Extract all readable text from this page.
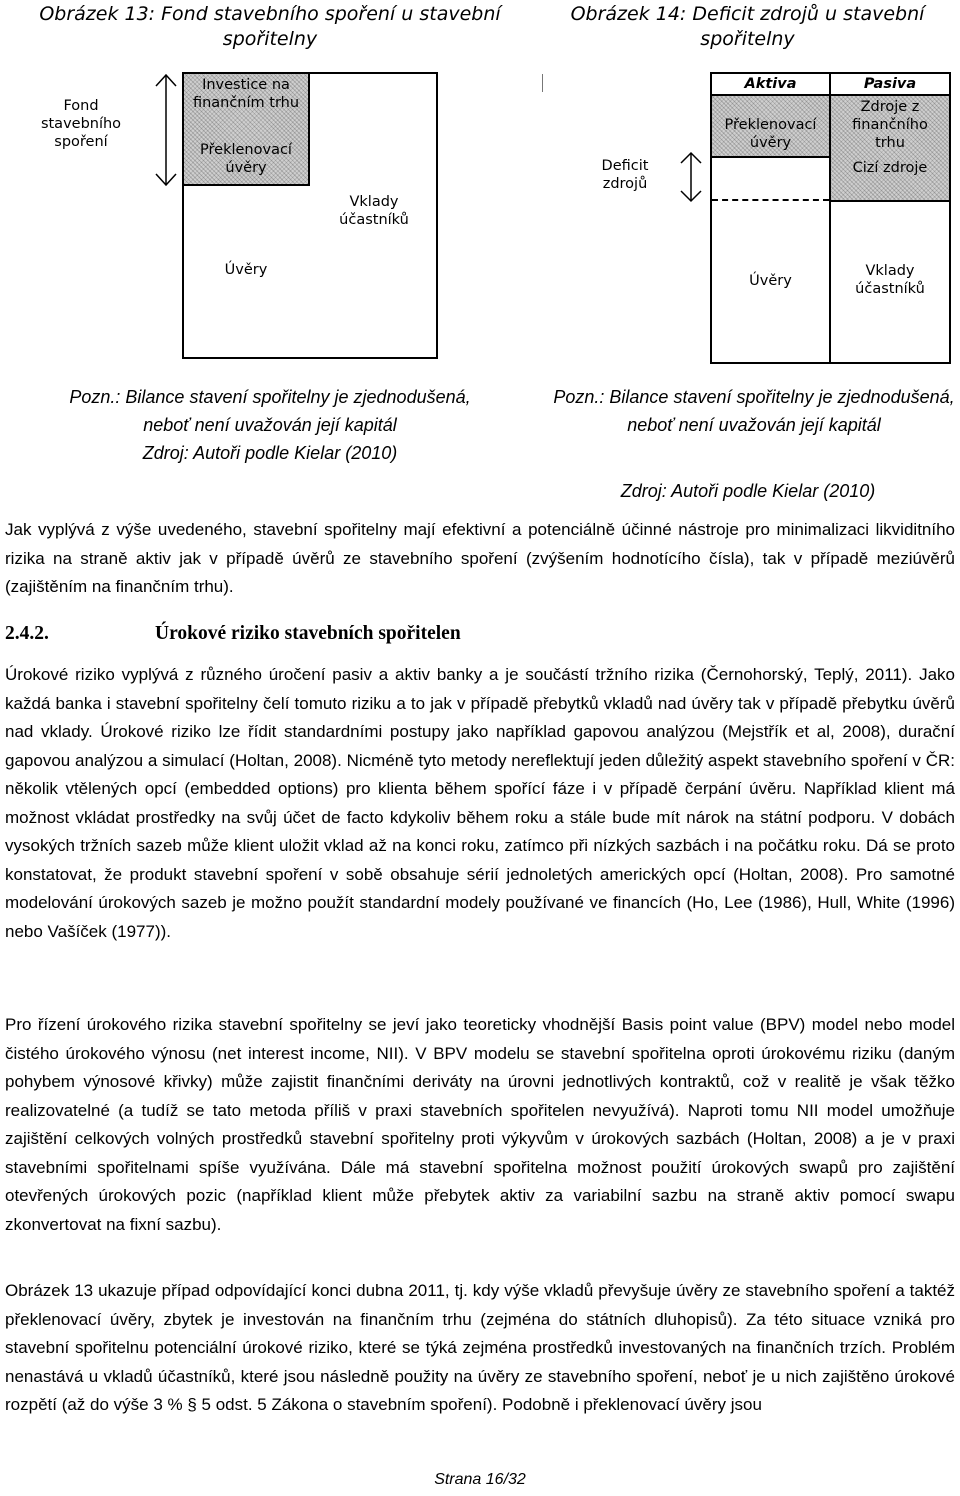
Obrázek 13: Fond stavebního spoření u stavební spořitelny
Fond stavebního spoření
Investice na finančním trhu
Překlenovací úvěry
Vklady účastníků
Úvěry
Pozn.: Bilance stavení spořitelny je zjednodušená,
neboť není uvažován její kapitál
Zdroj: Autoři podle Kielar (2010)
Obrázek 14: Deficit zdrojů u stavební spořitelny
Deficit zdrojů
Aktiva	Pasiva
Překlenovací úvěry
Zdroje z finančního trhu
Cizí zdroje
Úvěry
Vklady účastníků
Pozn.: Bilance stavení spořitelny je zjednodušená, neboť není uvažován její kapitál
Zdroj: Autoři podle Kielar (2010)

Jak vyplývá z výše uvedeného, stavební spořitelny mají efektivní a potenciálně účinné nástroje pro minimalizaci likviditního rizika na straně aktiv jak v případě úvěrů ze stavebního spoření (zvýšením hodnotícího čísla), tak v případě meziúvěrů (zajištěním na finančním trhu).

2.4.2.	Úrokové riziko stavebních spořitelen

Úrokové riziko vyplývá z různého úročení pasiv a aktiv banky a je součástí tržního rizika (Černohorský, Teplý, 2011). Jako každá banka i stavební spořitelny čelí tomuto riziku a to jak v případě přebytků vkladů nad úvěry tak v případě přebytku úvěrů nad vklady. Úrokové riziko lze řídit standardními postupy jako například gapovou analýzou (Mejstřík et al, 2008), durační gapovou analýzou a simulací (Holtan, 2008). Nicméně tyto metody nereflektují jeden důležitý aspekt stavebního spoření v ČR: několik vtělených opcí (embedded options) pro klienta během spořící fáze i v případě čerpání úvěru. Například klient má možnost vkládat prostředky na svůj účet de facto kdykoliv během roku a stále bude mít nárok na státní podporu. V dobách vysokých tržních sazeb může klient uložit vklad až na konci roku, zatímco při nízkých sazbách i na počátku roku. Dá se proto konstatovat, že produkt stavební spoření v sobě obsahuje sérií jednoletých amerických opcí (Holtan, 2008). Pro samotné modelování úrokových sazeb je možno použít standardní modely používané ve financích (Ho, Lee (1986), Hull, White (1996) nebo Vašíček (1977)).

Pro řízení úrokového rizika stavební spořitelny se jeví jako teoreticky vhodnější Basis point value (BPV) model nebo model čistého úrokového výnosu (net interest income, NII). V BPV modelu se stavební spořitelna oproti úrokovému riziku (daným pohybem výnosové křivky) může zajistit finančními deriváty na úrovni jednotlivých kontraktů, což v realitě je však těžko realizovatelné (a tudíž se tato metoda příliš v praxi stavebních spořitelen nevyužívá). Naproti tomu NII model umožňuje zajištění celkových volných prostředků stavební spořitelny proti výkyvům v úrokových sazbách (Holtan, 2008) a je v praxi stavebními spořitelnami spíše využívána. Dále má stavební spořitelna možnost použití úrokových swapů pro zajištění otevřených úrokových pozic (například klient může přebytek aktiv za variabilní sazbu na straně aktiv pomocí swapu zkonvertovat na fixní sazbu).

Obrázek 13 ukazuje případ odpovídající konci dubna 2011, tj. kdy výše vkladů převyšuje úvěry ze stavebního spoření a taktéž překlenovací úvěry, zbytek je investován na finančním trhu (zejména do státních dluhopisů). Za této situace vzniká pro stavební spořitelnu potenciální úrokové riziko, které se týká zejména prostředků investovaných na finančních trzích. Problém nenastává u vkladů účastníků, které jsou následně použity na úvěry ze stavebního spoření, neboť je u nich zajištěno úrokové rozpětí (až do výše 3 % § 5 odst. 5 Zákona o stavebním spoření). Podobně i překlenovací úvěry jsou

Strana 16/32
